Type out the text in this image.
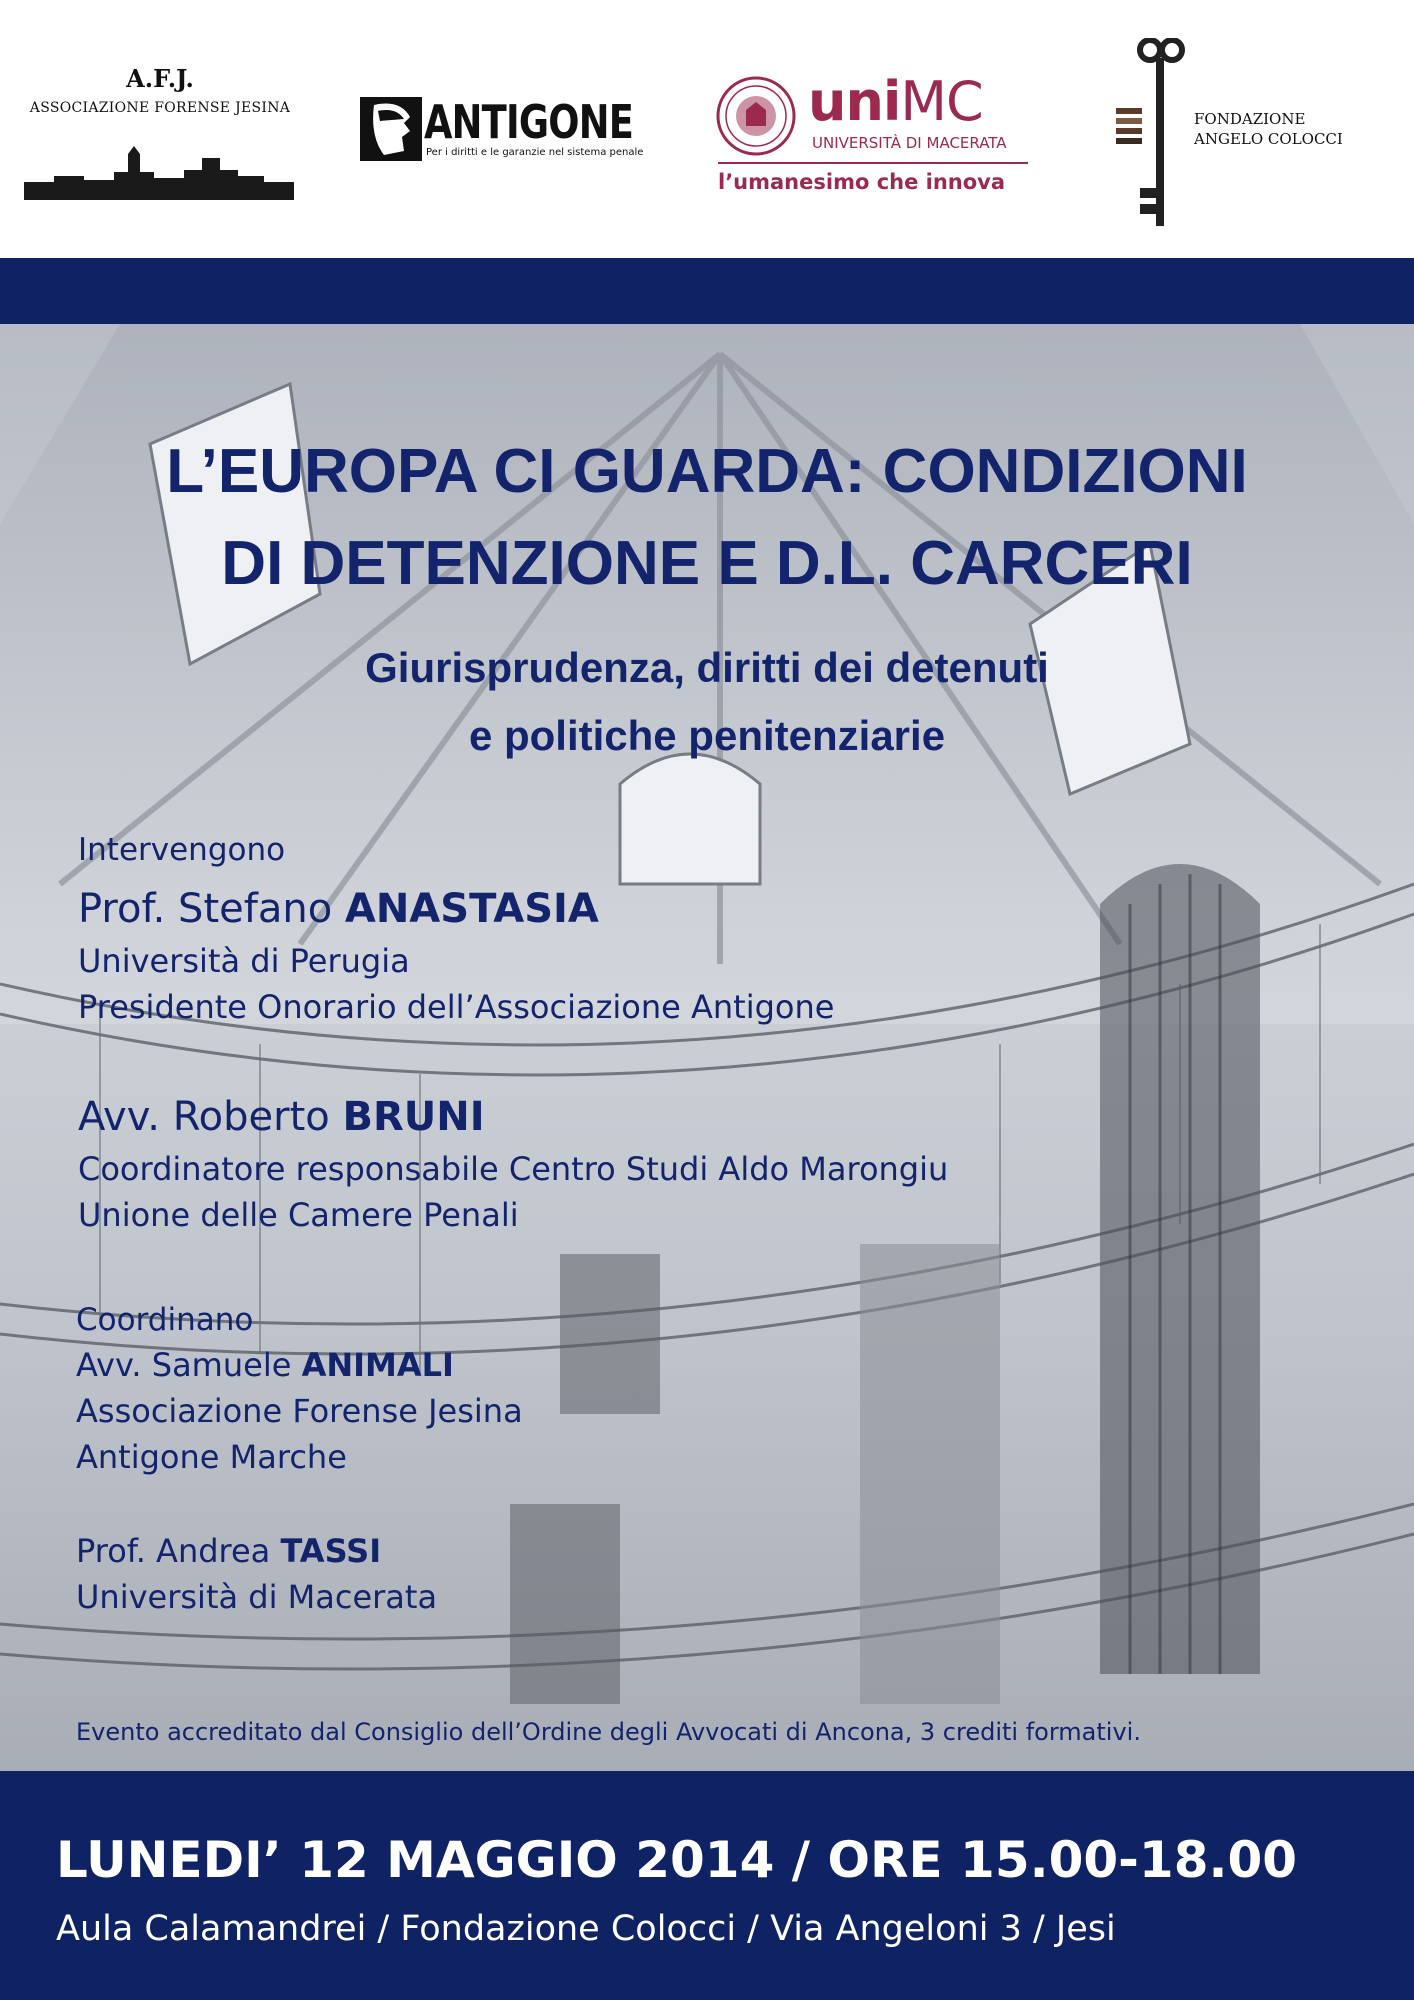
A.F.J.
ASSOCIAZIONE FORENSE JESINA	ANTIGONE
Per i diritti e le garanzie nel sistema penale
uniMC
UNIVERSITÀ DI MACERATA
l’umanesimo che innova
FONDAZIONE
ANGELO COLOCCI
L’EUROPA CI GUARDA: CONDIZIONI
DI DETENZIONE E D.L. CARCERI
Giurisprudenza, diritti dei detenuti
e politiche penitenziarie
Intervengono
Prof. Stefano ANASTASIA
Università di Perugia
Presidente Onorario dell’Associazione Antigone
Avv. Roberto BRUNI
Coordinatore responsabile Centro Studi Aldo Marongiu
Unione delle Camere Penali
Coordinano
Avv. Samuele ANIMALI
Associazione Forense Jesina
Antigone Marche
Prof. Andrea TASSI
Università di Macerata
Evento accreditato dal Consiglio dell’Ordine degli Avvocati di Ancona, 3 crediti formativi.
LUNEDI’ 12 MAGGIO 2014 / ORE 15.00-18.00
Aula Calamandrei / Fondazione Colocci / Via Angeloni 3 / Jesi
